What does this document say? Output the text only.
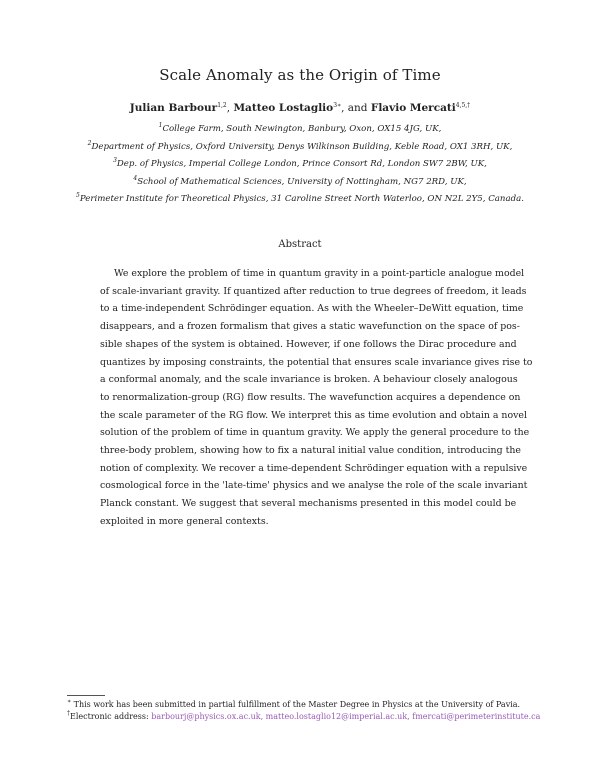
Scale Anomaly as the Origin of Time
Julian Barbour$^{1,2}$, Matteo Lostaglio$^{3∗}$, and Flavio Mercati$^{4,5,\dagger}$
$^1$College Farm, South Newington, Banbury, Oxon, OX15 4JG, UK,
$^2$Department of Physics, Oxford University, Denys Wilkinson Building, Keble Road, OX1 3RH, UK,
$^3$Dep. of Physics, Imperial College London, Prince Consort Rd, London SW7 2BW, UK,
$^4$School of Mathematical Sciences, University of Nottingham, NG7 2RD, UK,
$^5$Perimeter Institute for Theoretical Physics, 31 Caroline Street North Waterloo, ON N2L 2Y5, Canada.
Abstract
We explore the problem of time in quantum gravity in a point-particle analogue model
of scale-invariant gravity. If quantized after reduction to true degrees of freedom, it leads
to a time-independent Schrödinger equation. As with the Wheeler–DeWitt equation, time
disappears, and a frozen formalism that gives a static wavefunction on the space of pos-
sible shapes of the system is obtained. However, if one follows the Dirac procedure and
quantizes by imposing constraints, the potential that ensures scale invariance gives rise to
a conformal anomaly, and the scale invariance is broken. A behaviour closely analogous
to renormalization-group (RG) flow results. The wavefunction acquires a dependence on
the scale parameter of the RG flow. We interpret this as time evolution and obtain a novel
solution of the problem of time in quantum gravity. We apply the general procedure to the
three-body problem, showing how to fix a natural initial value condition, introducing the
notion of complexity. We recover a time-dependent Schrödinger equation with a repulsive
cosmological force in the 'late-time' physics and we analyse the role of the scale invariant
Planck constant. We suggest that several mechanisms presented in this model could be
exploited in more general contexts.
∗ This work has been submitted in partial fulfillment of the Master Degree in Physics at the University of Pavia.
†Electronic address: barbourj@physics.ox.ac.uk, matteo.lostaglio12@imperial.ac.uk, fmercati@perimeterinstitute.ca
